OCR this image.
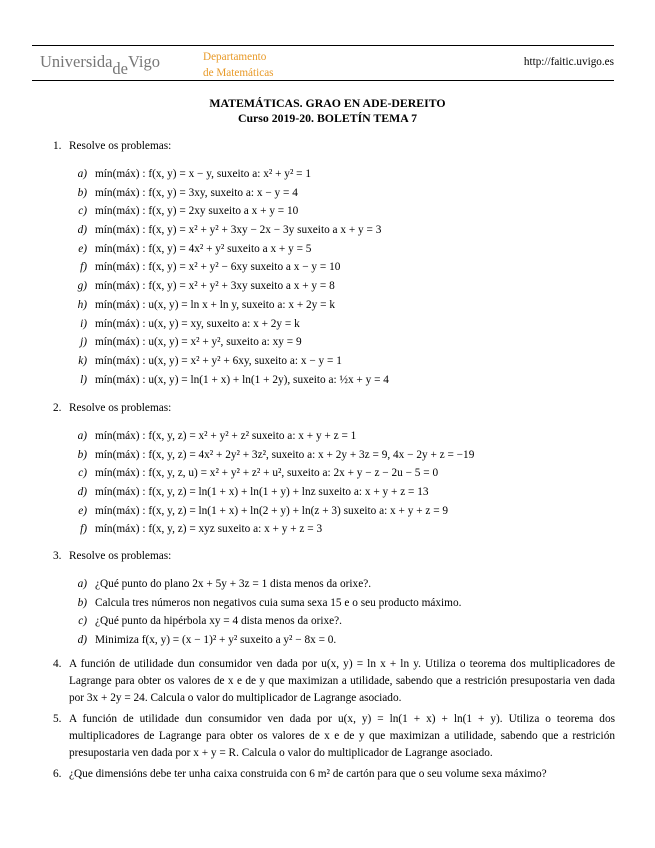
UniversidadeVigo	Departamento
de Matemáticas
http://faitic.uvigo.es
MATEMÁTICAS. GRAO EN ADE-DEREITO
Curso 2019-20. BOLETÍN TEMA 7
1. Resolve os problemas:
a) mín(máx) : f(x, y) = x − y, suxeito a: x² + y² = 1
b) mín(máx) : f(x, y) = 3xy, suxeito a: x − y = 4
c) mín(máx) : f(x, y) = 2xy suxeito a x + y = 10
d) mín(máx) : f(x, y) = x² + y² + 3xy − 2x − 3y suxeito a x + y = 3
e) mín(máx) : f(x, y) = 4x² + y² suxeito a x + y = 5
f) mín(máx) : f(x, y) = x² + y² − 6xy suxeito a x − y = 10
g) mín(máx) : f(x, y) = x² + y² + 3xy suxeito a x + y = 8
h) mín(máx) : u(x, y) = ln x + ln y, suxeito a: x + 2y = k
i) mín(máx) : u(x, y) = xy, suxeito a: x + 2y = k
j) mín(máx) : u(x, y) = x² + y², suxeito a: xy = 9
k) mín(máx) : u(x, y) = x² + y² + 6xy, suxeito a: x − y = 1
l) mín(máx) : u(x, y) = ln(1 + x) + ln(1 + 2y), suxeito a: ½x + y = 4
2. Resolve os problemas:
a) mín(máx) : f(x, y, z) = x² + y² + z² suxeito a: x + y + z = 1
b) mín(máx) : f(x, y, z) = 4x² + 2y² + 3z², suxeito a: x + 2y + 3z = 9, 4x − 2y + z = −19
c) mín(máx) : f(x, y, z, u) = x² + y² + z² + u², suxeito a: 2x + y − z − 2u − 5 = 0
d) mín(máx) : f(x, y, z) = ln(1 + x) + ln(1 + y) + lnz suxeito a: x + y + z = 13
e) mín(máx) : f(x, y, z) = ln(1 + x) + ln(2 + y) + ln(z + 3) suxeito a: x + y + z = 9
f) mín(máx) : f(x, y, z) = xyz suxeito a: x + y + z = 3
3. Resolve os problemas:
a) ¿Qué punto do plano 2x + 5y + 3z = 1 dista menos da orixe?.
b) Calcula tres números non negativos cuia suma sexa 15 e o seu producto máximo.
c) ¿Qué punto da hipérbola xy = 4 dista menos da orixe?.
d) Minimiza f(x, y) = (x − 1)² + y² suxeito a y² − 8x = 0.
4. A función de utilidade dun consumidor ven dada por u(x, y) = ln x + ln y. Utiliza o teorema dos multiplicadores de Lagrange para obter os valores de x e de y que maximizan a utilidade, sabendo que a restrición presupostaria ven dada por 3x + 2y = 24. Calcula o valor do multiplicador de Lagrange asociado.
5. A función de utilidade dun consumidor ven dada por u(x, y) = ln(1 + x) + ln(1 + y). Utiliza o teorema dos multiplicadores de Lagrange para obter os valores de x e de y que maximizan a utilidade, sabendo que a restrición presupostaria ven dada por x + y = R. Calcula o valor do multiplicador de Lagrange asociado.
6. ¿Que dimensións debe ter unha caixa construida con 6 m² de cartón para que o seu volume sexa máximo?
